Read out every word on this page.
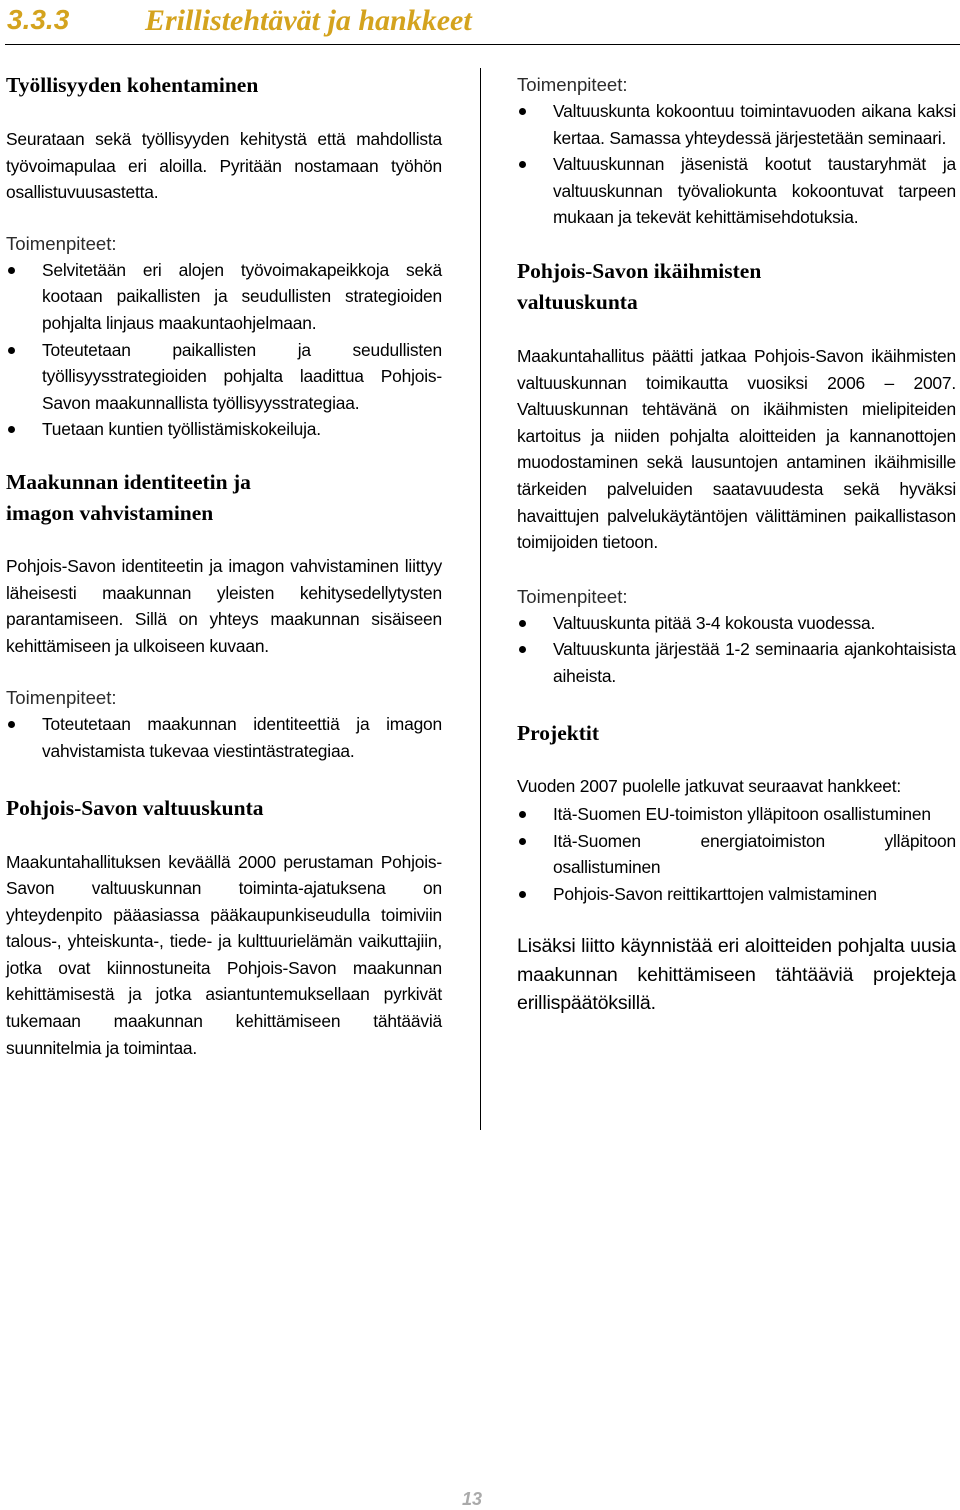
3.3.3	Erillistehtävät ja hankkeet
Työllisyyden kohentaminen

Seurataan sekä työllisyyden kehitystä että mahdollista työvoimapulaa eri aloilla. Pyritään nostamaan työhön osallistuvuusastetta.

Toimenpiteet:

Selvitetään eri alojen työvoimakapeikkoja sekä kootaan paikallisten ja seudullisten strategioiden pohjalta linjaus maakuntaohjelmaan.
Toteutetaan paikallisten ja seudullisten työllisyysstrategioiden pohjalta laadittua Pohjois-Savon maakunnallista työllisyysstrategiaa.
Tuetaan kuntien työllistämiskokeiluja.
Maakunnan identiteetin ja
imagon vahvistaminen

Pohjois-Savon identiteetin ja imagon vahvistaminen liittyy läheisesti maakunnan yleisten kehitysedellytysten parantamiseen. Sillä on yhteys maakunnan sisäiseen kehittämiseen ja ulkoiseen kuvaan.

Toimenpiteet:

Toteutetaan maakunnan identiteettiä ja imagon vahvistamista tukevaa viestintästrategiaa.
Pohjois-Savon valtuuskunta

Maakuntahallituksen keväällä 2000 perustaman Pohjois-Savon valtuuskunnan toiminta-ajatuksena on yhteydenpito pääasiassa pääkaupunkiseudulla toimiviin talous-, yhteiskunta-, tiede- ja kulttuurielämän vaikuttajiin, jotka ovat kiinnostuneita Pohjois-Savon maakunnan kehittämisestä ja jotka asiantuntemuksellaan pyrkivät tukemaan maakunnan kehittämiseen tähtääviä suunnitelmia ja toimintaa.

Toimenpiteet:

Valtuuskunta kokoontuu toimintavuoden aikana kaksi kertaa. Samassa yhteydessä järjestetään seminaari.
Valtuuskunnan jäsenistä kootut taustaryhmät ja valtuuskunnan työvaliokunta kokoontuvat tarpeen mukaan ja tekevät kehittämisehdotuksia.
Pohjois-Savon ikäihmisten
valtuuskunta

Maakuntahallitus päätti jatkaa Pohjois-Savon ikäihmisten valtuuskunnan toimikautta vuosiksi 2006 – 2007. Valtuuskunnan tehtävänä on ikäihmisten mielipiteiden kartoitus ja niiden pohjalta aloitteiden ja kannanottojen muodostaminen sekä lausuntojen antaminen ikäihmisille tärkeiden palveluiden saatavuudesta sekä hyväksi havaittujen palvelukäytäntöjen välittäminen paikallistason toimijoiden tietoon.

Toimenpiteet:

Valtuuskunta pitää 3-4 kokousta vuodessa.
Valtuuskunta järjestää 1-2 seminaaria ajankohtaisista aiheista.
Projektit

Vuoden 2007 puolelle jatkuvat seuraavat hankkeet:

Itä-Suomen EU-toimiston ylläpitoon osallistuminen
Itä-Suomen energiatoimiston ylläpitoon osallistuminen
Pohjois-Savon reittikarttojen valmistaminen

Lisäksi liitto käynnistää eri aloitteiden pohjalta uusia maakunnan kehittämiseen tähtääviä projekteja erillispäätöksillä.

13
